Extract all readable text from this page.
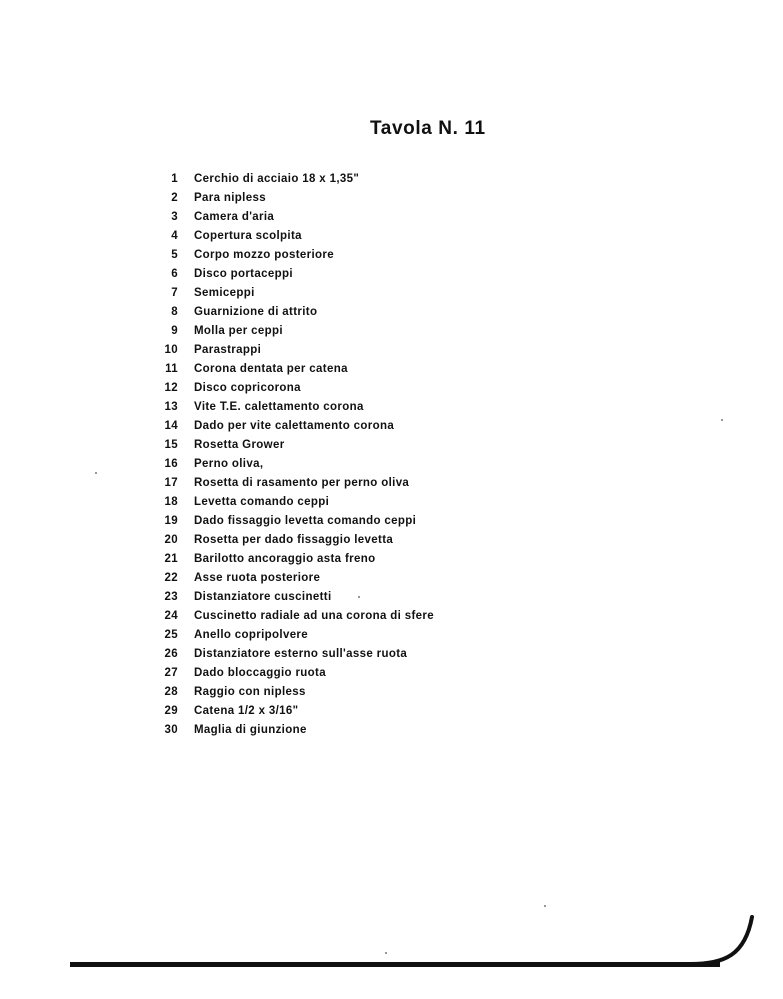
Tavola N. 11
1 Cerchio di acciaio 18 x 1,35"
2 Para nipless
3 Camera d'aria
4 Copertura scolpita
5 Corpo mozzo posteriore
6 Disco portaceppi
7 Semiceppi
8 Guarnizione di attrito
9 Molla per ceppi
10 Parastrappi
11 Corona dentata per catena
12 Disco copricorona
13 Vite T.E. calettamento corona
14 Dado per vite calettamento corona
15 Rosetta Grower
16 Perno oliva,
17 Rosetta di rasamento per perno oliva
18 Levetta comando ceppi
19 Dado fissaggio levetta comando ceppi
20 Rosetta per dado fissaggio levetta
21 Barilotto ancoraggio asta freno
22 Asse ruota posteriore
23 Distanziatore cuscinetti
24 Cuscinetto radiale ad una corona di sfere
25 Anello copripolvere
26 Distanziatore esterno sull'asse ruota
27 Dado bloccaggio ruota
28 Raggio con nipless
29 Catena 1/2 x 3/16"
30 Maglia di giunzione
